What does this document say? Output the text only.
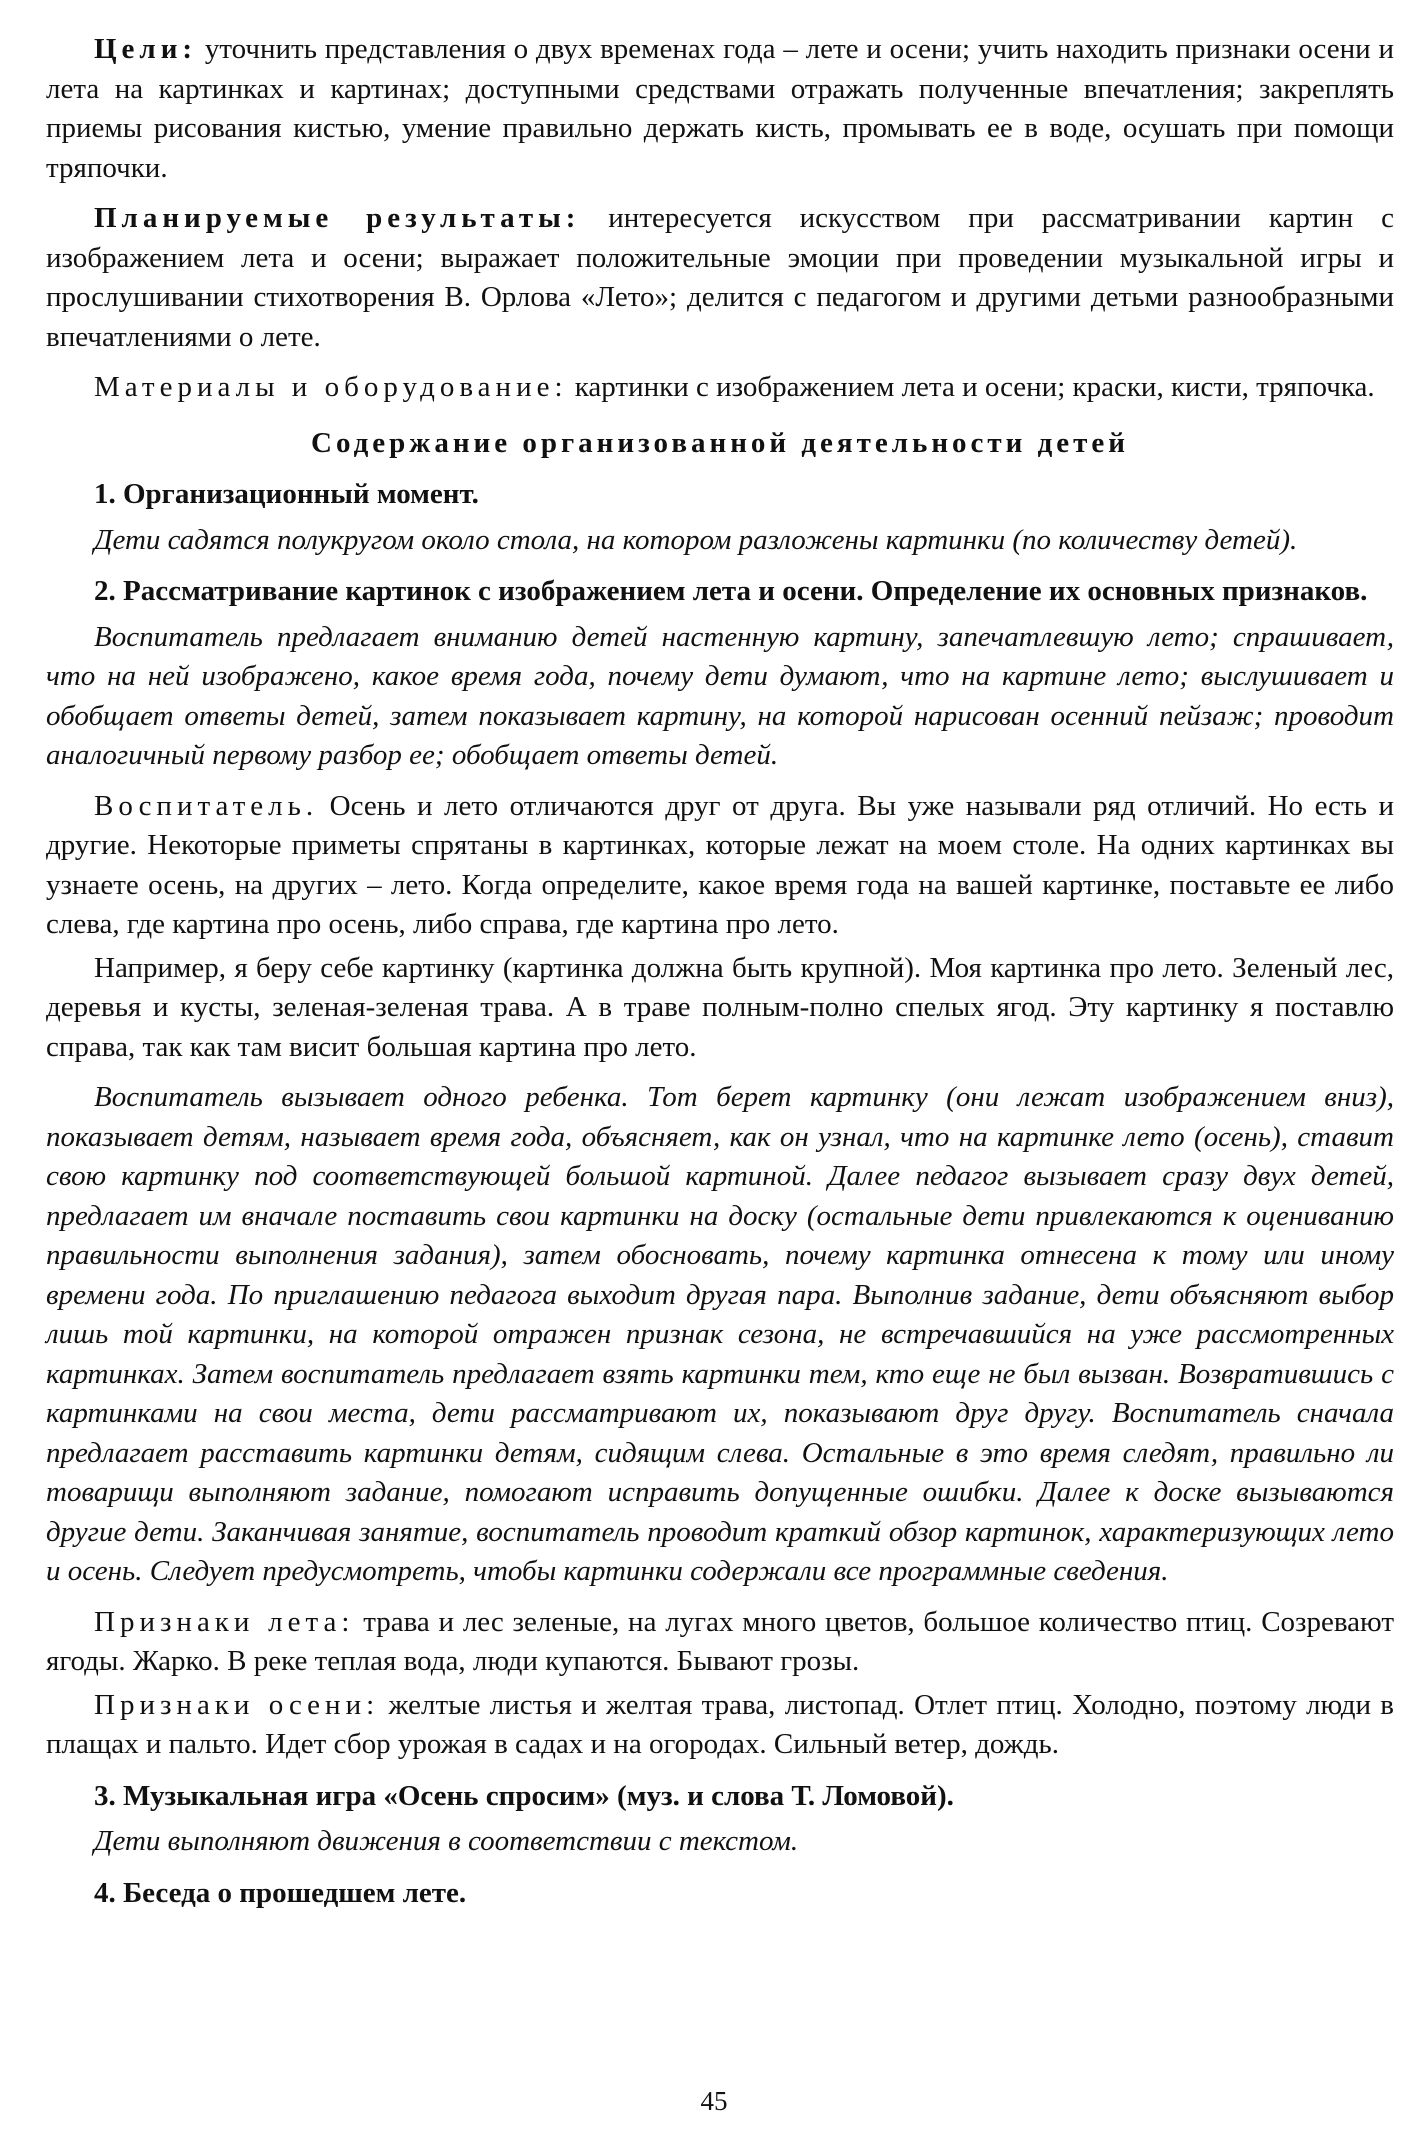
Цели: уточнить представления о двух временах года – лете и осени; учить находить признаки осени и лета на картинках и картинах; доступными средствами отражать полученные впечатления; закреплять приемы рисования кистью, умение правильно держать кисть, промывать ее в воде, осушать при помощи тряпочки.

Планируемые результаты: интересуется искусством при рассматривании картин с изображением лета и осени; выражает положительные эмоции при проведении музыкальной игры и прослушивании стихотворения В. Орлова «Лето»; делится с педагогом и другими детьми разнообразными впечатлениями о лете.

Материалы и оборудование: картинки с изображением лета и осени; краски, кисти, тряпочка.

Содержание организованной деятельности детей

1. Организационный момент.

Дети садятся полукругом около стола, на котором разложены картинки (по количеству детей).

2. Рассматривание картинок с изображением лета и осени. Определение их основных признаков.

Воспитатель предлагает вниманию детей настенную картину, запечатлевшую лето; спрашивает, что на ней изображено, какое время года, почему дети думают, что на картине лето; выслушивает и обобщает ответы детей, затем показывает картину, на которой нарисован осенний пейзаж; проводит аналогичный первому разбор ее; обобщает ответы детей.

Воспитатель. Осень и лето отличаются друг от друга. Вы уже называли ряд отличий. Но есть и другие. Некоторые приметы спрятаны в картинках, которые лежат на моем столе. На одних картинках вы узнаете осень, на других – лето. Когда определите, какое время года на вашей картинке, поставьте ее либо слева, где картина про осень, либо справа, где картина про лето.

Например, я беру себе картинку (картинка должна быть крупной). Моя картинка про лето. Зеленый лес, деревья и кусты, зеленая-зеленая трава. А в траве полным-полно спелых ягод. Эту картинку я поставлю справа, так как там висит большая картина про лето.

Воспитатель вызывает одного ребенка. Тот берет картинку (они лежат изображением вниз), показывает детям, называет время года, объясняет, как он узнал, что на картинке лето (осень), ставит свою картинку под соответствующей большой картиной. Далее педагог вызывает сразу двух детей, предлагает им вначале поставить свои картинки на доску (остальные дети привлекаются к оцениванию правильности выполнения задания), затем обосновать, почему картинка отнесена к тому или иному времени года. По приглашению педагога выходит другая пара. Выполнив задание, дети объясняют выбор лишь той картинки, на которой отражен признак сезона, не встречавшийся на уже рассмотренных картинках. Затем воспитатель предлагает взять картинки тем, кто еще не был вызван. Возвратившись с картинками на свои места, дети рассматривают их, показывают друг другу. Воспитатель сначала предлагает расставить картинки детям, сидящим слева. Остальные в это время следят, правильно ли товарищи выполняют задание, помогают исправить допущенные ошибки. Далее к доске вызываются другие дети. Заканчивая занятие, воспитатель проводит краткий обзор картинок, характеризующих лето и осень. Следует предусмотреть, чтобы картинки содержали все программные сведения.

Признаки лета: трава и лес зеленые, на лугах много цветов, большое количество птиц. Созревают ягоды. Жарко. В реке теплая вода, люди купаются. Бывают грозы.

Признаки осени: желтые листья и желтая трава, листопад. Отлет птиц. Холодно, поэтому люди в плащах и пальто. Идет сбор урожая в садах и на огородах. Сильный ветер, дождь.

3. Музыкальная игра «Осень спросим» (муз. и слова Т. Ломовой).

Дети выполняют движения в соответствии с текстом.

4. Беседа о прошедшем лете.

45
